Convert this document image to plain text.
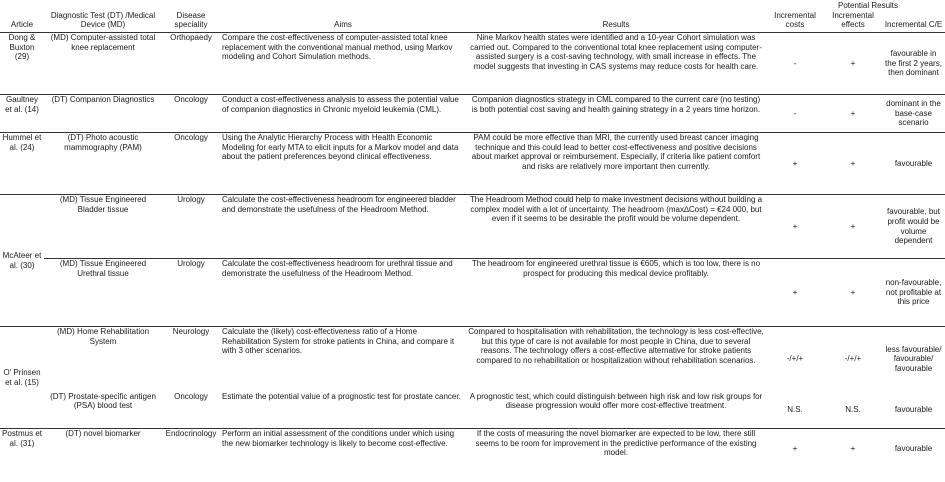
Potential Results
Article	Diagnostic Test (DT) /Medical Device (MD)	Disease speciality	Aims	Results	Incremental costs	Incremental effects	Incremental C/E
Dong & Buxton (29)	(MD) Computer-assisted total knee replacement	Orthopaedy	Compare the cost-effectiveness of computer-assisted total knee replacement with the conventional manual method, using Markov modeling and Cohort Simulation methods.	Nine Markov health states were identified and a 10-year Cohort simulation was carried out. Compared to the conventional total knee replacement using computer-assisted surgery is a cost-saving technology, with small increase in effects. The model suggests that investing in CAS systems may reduce costs for health care.	-	+	favourable in the first 2 years, then dominant
Gaultney et al. (14)	(DT) Companion Diagnostics	Oncology	Conduct a cost-effectiveness analysis to assess the potential value of companion diagnostics in Chronic myeloid leukemia (CML).	Companion diagnostics strategy in CML compared to the current care (no testing) is both potential cost saving and health gaining strategy in a 2 years time horizon.	-	+	dominant in the base-case scenario
Hummel et al. (24)	(DT) Photo acoustic mammography (PAM)	Oncology	Using the Analytic Hierarchy Process with Health Economic Modeling for early MTA to elicit inputs for a Markov model and data about the patient preferences beyond clinical effectiveness.	PAM could be more effective than MRI, the currently used breast cancer imaging technique and this could lead to better cost-effectiveness and positive decisions about market approval or reimbursement. Especially, if criteria like patient comfort and risks are relatively more important then currently.	+	+	favourable
McAteer et al. (30)	(MD) Tissue Engineered Bladder tissue	Urology	Calculate the cost-effectiveness headroom for engineered bladder and demonstrate the usefulness of the Headroom Method.	The Headroom Method could help to make investment decisions without building a complex model with a lot of uncertainty. The headroom (max∆Cost) = €24 000, but even if it seems to be desirable the profit would be volume dependent.	+	+	favourable, but profit would be volume dependent
	(MD) Tissue Engineered Urethral tissue	Urology	Calculate the cost-effectiveness headroom for urethral tissue and demonstrate the usefulness of the Headroom Method.	The headroom for engineered urethral tissue is €605, which is too low, there is no prospect for producing this medical device profitably.	+	+	non-favourable, not profitable at this price
O' Prinsen et al. (15)	(MD) Home Rehabilitation System	Neurology	Calculate the (likely) cost-effectiveness ratio of a Home Rehabilitation System for stroke patients in China, and compare it with 3 other scenarios.	Compared to hospitalisation with rehabilitation, the technology is less cost-effective, but this type of care is not available for most people in China, due to several reasons. The technology offers a cost-effective alternative for stroke patients compared to no rehabilitation or hospitalization without rehabilitation scenarios.	-/+/+	-/+/+	less favourable/ favourable/ favourable
	(DT) Prostate-specific antigen (PSA) blood test	Oncology	Estimate the potential value of a prognostic test for prostate cancer.	A prognostic test, which could distinguish between high risk and low risk groups for disease progression would offer more cost-effective treatment.	N.S.	N.S.	favourable
Postmus et al. (31)	(DT) novel biomarker	Endocrinology	Perform an initial assessment of the conditions under which using the new biomarker technology is likely to become cost-effective.	If the costs of measuring the novel biomarker are expected to be low, there still seems to be room for improvement in the predictive performance of the existing model.	+	+	favourable
